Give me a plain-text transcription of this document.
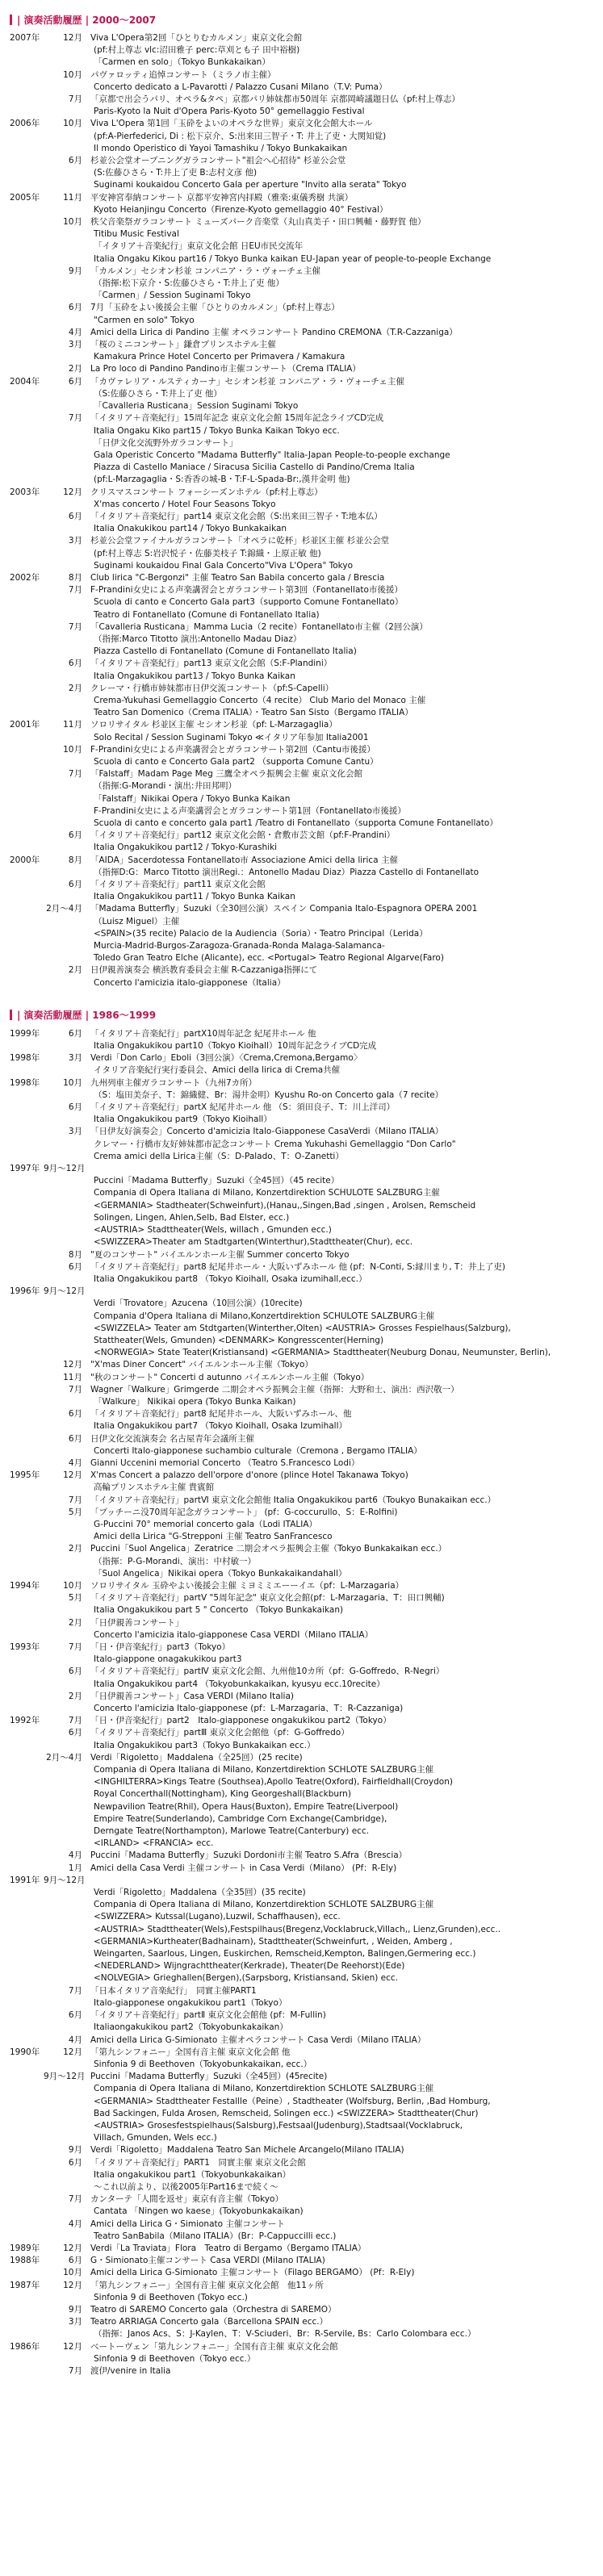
| 演奏活動履歴 | 2000〜2007
2007年	12月 Viva L'Opera第2回「ひとりむカルメン」東京文化会館
(pf:村上尊志 vlc:沼田雅子 perc:草刈とも子 田中裕樹)
「Carmen en solo」（Tokyo Bunkakaikan）
10月 パヴァロッティ追悼コンサート（ミラノ市主催）
Concerto dedicato a L-Pavarotti / Palazzo Cusani Milano（T.V: Puma）
7月 「京都で出会うパリ、オペラ&タペ」京都パリ姉妹都市50周年 京都岡崎議題日仏（pf:村上尊志）
Paris-Kyoto la Nuit d'Opera Paris-Kyoto 50° gemellaggio Festival
2006年	10月 Viva L'Opera 第1回「玉砕をよいのオペラな世界」東京文化会館大ホール
(pf:A-Pierfederici, Di : 松下京介、S:出来田三智子・T: 井上了吏・大関知覚)
Il mondo Operistico di Yayoi Tamashiku / Tokyo Bunkakaikan
6月 杉並公会堂オープニングガラコンサート"祖会へ心招待" 杉並公会堂
(S:佐藤ひさら・T:井上了吏 B:志村文彦 他)
Suginami koukaidou Concerto Gala per aperture "Invito alla serata" Tokyo
2005年	11月 平安神宮奉納コンサート 京都平安神宮内拝殿（雅楽:東儀秀樹 共演）
Kyoto Heianjingu Concerto（Firenze-Kyoto gemellaggio 40° Festival）
10月 秩父音楽祭ガラコンサート ミューズパーク音楽堂（丸山真美子・田口興輔・藤野賀 他）
Titibu Music Festival
「イタリア＋音楽紀行」東京文化会館 日EU市民交流年
Italia Ongaku Kikou part16 / Tokyo Bunka kaikan EU-Japan year of people-to-people Exchange
9月 「カルメン」セシオン杉並 コンパニア・ラ・ヴォーチェ主催
（指揮:松下京介・S:佐藤ひさら・T:井上了吏 他）
「Carmen」/ Session Suginami Tokyo
6月 7月「玉砕をよい後援会主催「ひとりのカルメン」（pf:村上尊志）
"Carmen en solo" Tokyo
4月 Amici della Lirica di Pandino 主催 オペラコンサート Pandino CREMONA（T.R-Cazzaniga）
3月 「桜のミニコンサート」鎌倉プリンスホテル主催
Kamakura Prince Hotel Concerto per Primavera / Kamakura
2月 La Pro loco di Pandino Pandino市主催コンサート（Crema ITALIA）
2004年	6月 「カヴァレリア・ルスティカーナ」セシオン杉並 コンパニア・ラ・ヴォーチェ主催
（S:佐藤ひさら・T:井上了吏 他）
「Cavalleria Rusticana」Session Suginami Tokyo
7月 「イタリア＋音楽紀行」15周年記念 東京文化会館 15周年記念ライブCD完成
Italia Ongaku Kiko part15 / Tokyo Bunka Kaikan Tokyo ecc.
「日伊文化交流野外ガラコンサート」
Gala Operistic Concerto "Madama Butterfly" Italia-Japan People-to-people exchange
Piazza di Castello Maniace / Siracusa Sicilia Castello di Pandino/Crema Italia
(pf:L-Marzagaglia・S:香香の城-B・T:F-L-Spada-Br:,漢井金明 他)
2003年	12月 クリスマスコンサート フォーシーズンホテル（pf:村上尊志）
X'mas concerto / Hotel Four Seasons Tokyo
6月 「イタリア＋音楽紀行」part14 東京文化会館（S:出来田三智子・T:地本仏）
Italia Onakukikou part14 / Tokyo Bunkakaikan
3月 杉並公会堂ファイナルガラコンサート「オペラに乾杯」杉並区主催 杉並公会堂
(pf:村上尊志 S:岩沢悦子・佐藤美枝子 T:錦織・上原正敏 他)
Suginami koukaidou Final Gala Concerto"Viva L'Opera" Tokyo
2002年	8月 Club lirica "C-Bergonzi" 主催 Teatro San Babila concerto gala / Brescia
7月 F-Prandini女史による声楽講習会とガラコンサート第3回（Fontanellato市後援）
Scuola di canto e Concerto Gala part3（supporto Comune Fontanellato）
Teatro di Fontanellato (Comune di Fontanellato Italia)
7月 「Cavalleria Rusticana」Mamma Lucia（2 recite）Fontanellato市主催（2回公演）
（指揮:Marco Titotto 演出:Antonello Madau Diaz）
Piazza Castello di Fontanellato (Comune di Fontanellato Italia)
6月 「イタリア＋音楽紀行」part13 東京文化会館（S:F-Plandini）
Italia Ongakukikou part13 / Tokyo Bunka Kaikan
2月 クレーマ・行橋市姉妹都市日伊交流コンサート（pf:S-Capelli）
Crema-Yukuhasi Gemellaggio Concerto（4 recite） Club Mario del Monaco 主催
Teatro San Domenico（Crema ITALIA）・Teatro San Sisto（Bergamo ITALIA）
2001年	11月 ソロリサイタル 杉並区主催 セシオン杉並（pf: L-Marzagaglia）
Solo Recital / Session Suginami Tokyo ≪イタリア年参加 Italia2001
10月 F-Prandini女史による声楽講習会とガラコンサート第2回（Cantu市後援）
Scuola di canto e Concerto Gala part2 （supporta Comune Cantu）
7月 「Falstaff」Madam Page Meg 三鷹全オペラ振興会主催 東京文化会館
（指揮:G-Morandi・演出:井田邦明）
「Falstaff」Nikikai Opera / Tokyo Bunka Kaikan
F-Prandini女史による声楽講習会とガラコンサート第1回（Fontanellato市後援）
Scuola di canto e concerto gala part1 /Teatro di Fontanellato（supporta Comune Fontanellato）
6月 「イタリア＋音楽紀行」part12 東京文化会館・倉敷市芸文館（pf:F-Prandini）
Italia Ongakukikou part12 / Tokyo-Kurashiki
2000年	8月 「AIDA」Sacerdotessa Fontanellato市 Associazione Amici della lirica 主催
（指揮D:G：Marco Titotto 演出Regi.：Antonello Madau Diaz）Piazza Castello di Fontanellato
6月 「イタリア＋音楽紀行」part11 東京文化会館
Italia Ongakukikou part11 / Tokyo Bunka Kaikan
2月〜4月 「Madama Butterfly」Suzuki（全30回公演）スペイン Compania Italo-Espagnora OPERA 2001
（Luisz Miguel）主催
<SPAIN>(35 recite) Palacio de la Audiencia（Soria）・Teatro Principal（Lerida）
Murcia-Madrid-Burgos-Zaragoza-Granada-Ronda Malaga-Salamanca-
Toledo Gran Teatro Elche (Alicante), ecc. <Portugal> Teatro Regional Algarve(Faro)
2月 日伊親善演奏会 横浜教育委員会主催 R-Cazzaniga指揮にて
Concerto l'amicizia italo-giapponese（Italia）
| 演奏活動履歴 | 1986〜1999
1999年	6月 「イタリア＋音楽紀行」partX10周年記念 紀尾井ホール 他
Italia Ongakukikou part10（Tokyo Kioihall）10周年記念ライブCD完成
1998年	3月 Verdi「Don Carlo」Eboli（3回公演）〈Crema,Cremona,Bergamo〉
イタリア音楽紀行実行委員会、Amici della lirica di Crema共催
1998年	10月 九州列車主催ガラコンサート（九州7カ所）
（S：塩田美奈子、T：錦織健、Br：湯井金明）Kyushu Ro-on Concerto gala（7 recite）
6月 「イタリア＋音楽紀行」partX 紀尾井ホール 他 （S：須田良子、T：川上洋司）
Italia Ongakukikou part9（Tokyo Kioihall）
3月 「日伊友好演奏会」Concerto d'amicizia Italo-Giapponese CasaVerdi（Milano ITALIA）
クレマー・行橋市友好姉妹都市記念コンサート Crema Yukuhashi Gemellaggio "Don Carlo"
Crema amici della Lirica主催（S：D-Palado、T：O-Zanetti）
1997年 9月〜12月
Puccini「Madama Butterfly」Suzuki（全45回）（45 recite）
Compania di Opera Italiana di Milano, Konzertdirektion SCHULOTE SALZBURG主催
<GERMANIA> Stadtheater(Schweinfurt),(Hanau,,Singen,Bad ,singen , Arolsen, Remscheid
Solingen, Lingen, Ahlen,Selb, Bad Elster, ecc.)
<AUSTRIA> Stadttheater(Wels, willach , Gmunden ecc.)
<SWIZZERA>Theater am Stadtgarten(Winterthur),Stadttheater(Chur), ecc.
8月 "夏のコンサート" バイエルンホール主催 Summer concerto Tokyo
6月 「イタリア＋音楽紀行」part8 紀尾井ホール・大阪いずみホール 他 (pf：N-Conti, S:縁川まり, T：井上了吏)
Italia Ongakukikou part8 （Tokyo Kioihall, Osaka izumihall,ecc.）
1996年 9月〜12月
Verdi「Trovatore」Azucena（10回公演）(10recite)
Compania d'Opera Italiana di Milano,Konzertdirektion SCHULOTE SALZBURG主催
<SWIZZELA> Teater am Stdtgarten(Winterther,Olten) <AUSTRIA> Grosses Fespielhaus(Salzburg),
Stattheater(Wels, Gmunden) <DENMARK> Kongresscenter(Herning)
<NORWEGIA> State Teater(Kristiansand) <GERMANIA> Stadttheater(Neuburg Donau, Neumunster, Berlin),
12月 "X'mas Diner Concert" バイエルンホール主催（Tokyo）
11月 "秋のコンサート" Concerti d autunno バイエルンホール主催（Tokyo）
7月 Wagner「Walkure」Grimgerde 二期会オペラ振興会主催（指揮：大野和士、演出：西沢敬一）
「Walkure」 Nikikai opera (Tokyo Bunka Kaikan)
6月 「イタリア＋音楽紀行」part8 紀尾井ホール、大阪いずみホール、他
Italia Ongakukikou part7 （Tokyo Kioihall, Osaka Izumihall）
6月 日伊文化交流演奏会 名古屋青年会議所主催
Concerti Italo-giapponese suchambio culturale（Cremona , Bergamo ITALIA）
4月 Gianni Uccenini memorial Concerto （Teatro S.Francesco Lodi）
1995年	12月 X'mas Concert a palazzo dell'orpore d'onore (plince Hotel Takanawa Tokyo)
高輪プリンスホテル主催 貴賓館
7月 「イタリア＋音楽紀行」partⅥ 東京文化会館他 Italia Ongakukikou part6（Toukyo Bunakaikan ecc.）
5月 「プッチーニ没70周年記念ガラコンサート」 (pf：G-coccurullo、S：E-Rolfini)
G-Puccini 70° memorial concerto gala（Lodi ITALIA）
Amici della Lirica "G-Strepponi 主催 Teatro SanFrancesco
2月 Puccini「Suol Angelica」Zeratrice 二期会オペラ振興会主催（Tokyo Bunkakaikan ecc.）
（指揮：P-G-Morandi、演出：中村敏一）
「Suol Angelica」Nikikai opera（Tokyo Bunkakaikandahall）
1994年	10月 ソロリサイタル 玉砕やよい後援会主催 ミヨミミエーーイエ（pf：L-Marzagaria）
5月 「イタリア＋音楽紀行」partⅤ "5周年記念" 東京文化会館(pf：L-Marzagaria、T：田口興輔)
Italia Ongakukikou part 5 " Concerto （Tokyo Bunkakaikan)
2月 「日伊親善コンサート」
Concerto l'amicizia italo-giapponese Casa VERDI（Milano ITALIA）
1993年	7月 「日・伊音楽紀行」part3（Tokyo）
Italo-giappone onagakukikou part3
6月 「イタリア＋音楽紀行」partⅣ 東京文化会館、九州他10カ所（pf：G-Goffredo、R-Negri）
Italia Ongakukikou part4 （Tokyobunkakaikan, kyusyu ecc.10recite）
2月 「日伊親善コンサート」Casa VERDI (Milano Italia)
Concerto l'amicizia Italo-giapponese (pf：L-Marzagaria、T：R-Cazzaniga)
1992年	7月 「日・伊音楽紀行」part2　Italo-giapponese ongakukikou part2（Tokyo）
6月 「イタリア＋音楽紀行」partⅢ 東京文化会館他（pf：G-Goffredo）
Italia Ongakukikou part3（Tokyo Bunkakaikan ecc.）
2月〜4月 Verdi「Rigoletto」Maddalena（全25回）(25 recite)
Compania di Opera Italiana di Milano, Konzertdirektion SCHLOTE SALZBURG主催
<INGHILTERRA>Kings Teatre (Southsea),Apollo Teatre(Oxford), Fairfieldhall(Croydon)
Royal Concerthall(Nottingham), King Georgeshall(Blackburn)
Newpavilion Teatre(Rhil), Opera Haus(Buxton), Empire Teatre(Liverpool)
Empire Teatre(Sunderlando), Cambridge Corn Exchange(Cambridge),
Derngate Teatre(Northampton), Marlowe Teatre(Canterbury) ecc.
<IRLAND> <FRANCIA> ecc.
4月 Puccini「Madama Butterfly」Suzuki Dordoni市主催 Teatro S.Afra（Brescia）
1月 Amici della Casa Verdi 主催コンサート in Casa Verdi（Milano） (Pf：R-Ely)
1991年 9月〜12月
Verdi「Rigoletto」Maddalena（全35回）(35 recite)
Compania di Opera Italiana di Milano, Konzertdirektion SCHLOTE SALZBURG主催
<SWIZZERA> Kutssal(Lugano),Luzwil, Schaffhausen), ecc.
<AUSTRIA> Stadttheater(Wels),Festspilhaus(Bregenz,Vocklabruck,Villach,, Lienz,Grunden),ecc..
<GERMANIA>Kurtheater(Badhainam), Stadttheater(Schweinfurt, , Weiden, Amberg ,
Weingarten, Saarlous, Lingen, Euskirchen, Remscheid,Kempton, Balingen,Germering ecc.)
<NEDERLAND> Wijngrachttheater(Kerkrade), Theater(De Reehorst)(Ede)
<NOLVEGIA> Grieghallen(Bergen),(Sarpsborg, Kristiansand, Skien) ecc.
7月 「日本イタリア音楽紀行」　同實主催PART1
Italo-giapponese ongakukikou part1（Tokyo）
6月 「イタリア＋音楽紀行」partⅡ 東京文化会館他 (pf：M-Fullin)
Italiaongakukikou part2（Tokyobunkakaikan）
4月 Amici della Lirica G-Simionato 主催オペラコンサート Casa Verdi（Milano ITALIA）
1990年	12月 「第九シンフォニー」全国有音主催 東京文化会館 他
Sinfonia 9 di Beethoven（Tokyobunkakaikan, ecc.）
9月〜12月 Puccini「Madama Butterfly」Suzuki（全45回）(45recite)
Compania di Opera Italiana di Milano, Konzertdirektion SCHLOTE SALZBURG主催
<GERMANIA> Stadttheater Festallle（Peine）, Stadtheater (Wolfsburg, Berlin, ,Bad Homburg,
Bad Sackingen, Fulda Arosen, Remscheid, Solingen ecc.) <SWIZZERA> Stadttheater(Chur)
<AUSTRIA> Grosesfestspielhaus(Salsburg),Festsaal(Judenburg),Stadtsaal(Vocklabruck,
Villach, Gmunden, Wels ecc.)
9月 Verdi「Rigoletto」Maddalena Teatro San Michele Arcangelo(Milano ITALIA)
6月 「イタリア＋音楽紀行」PART1　同實主催 東京文化会館
Italia ongakukikou part1（Tokyobunkakaikan）
〜これ以前より、以後2005年Part16まで続く〜
7月 カンターテ「人間を返せ」東京有音主催（Tokyo）
Cantata 「Ningen wo kaese」(Tokyobunkakaikan)
4月 Amici della Lirica G・Simionato 主催コンサート
Teatro SanBabila（Milano ITALIA）(Br：P-Cappuccilli ecc.)
1989年	12月 Verdi「La Traviata」Flora　Teatro di Bergamo（Bergamo ITALIA）
1988年	6月 G・Simionato主催コンサート Casa VERDI (Milano ITALIA)
10月 Amici della Lirica G-Simionato 主催コンサート（Filago BERGAMO） (Pf：R-Ely)
1987年	12月 「第九シンフォニー」全国有音主催 東京文化会館　他11ヶ所
Sinfonia 9 di Beethoven (Tokyo ecc.)
9月 Teatro di SAREMO Concerto gala（Orchestra di SAREMO）
3月 Teatro ARRIAGA Concerto gala（Barcellona SPAIN ecc.）
（指揮：Janos Acs、S：J-Kaylen、T：V-Sciuderi、Br：R-Servile, Bs：Carlo Colombara ecc.）
1986年	12月 ベートーヴェン「第九シンフォニー」全国有音主催 東京文化会館
Sinfonia 9 di Beethoven（Tokyo ecc.）
7月 渡伊/venire in Italia
